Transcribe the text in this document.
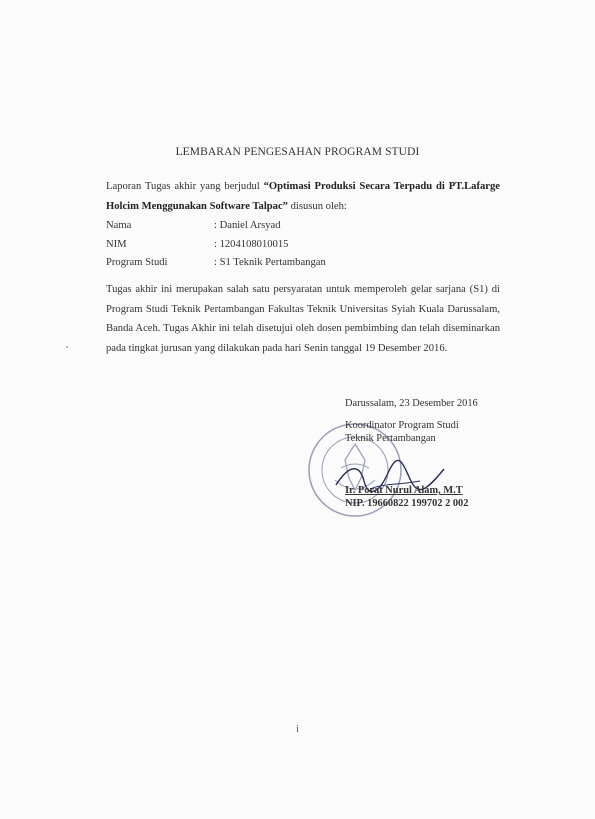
LEMBARAN PENGESAHAN PROGRAM STUDI
Laporan Tugas akhir yang berjudul “Optimasi Produksi Secara Terpadu di PT.Lafarge Holcim Menggunakan Software Talpac” disusun oleh:
Nama	: Daniel Arsyad
NIM	: 1204108010015
Program Studi	: S1 Teknik Pertambangan
Tugas akhir ini merupakan salah satu persyaratan untuk memperoleh gelar sarjana (S1) di Program Studi Teknik Pertambangan Fakultas Teknik Universitas Syiah Kuala Darussalam, Banda Aceh. Tugas Akhir ini telah disetujui oleh dosen pembimbing dan telah diseminarkan pada tingkat jurusan yang dilakukan pada hari Senin tanggal 19 Desember 2016.
Darussalam, 23 Desember 2016
Koordinator Program Studi
Teknik Pertambangan
Ir. Porat Nurul Alam, M.T
NIP. 19660822 199702 2 002
i
